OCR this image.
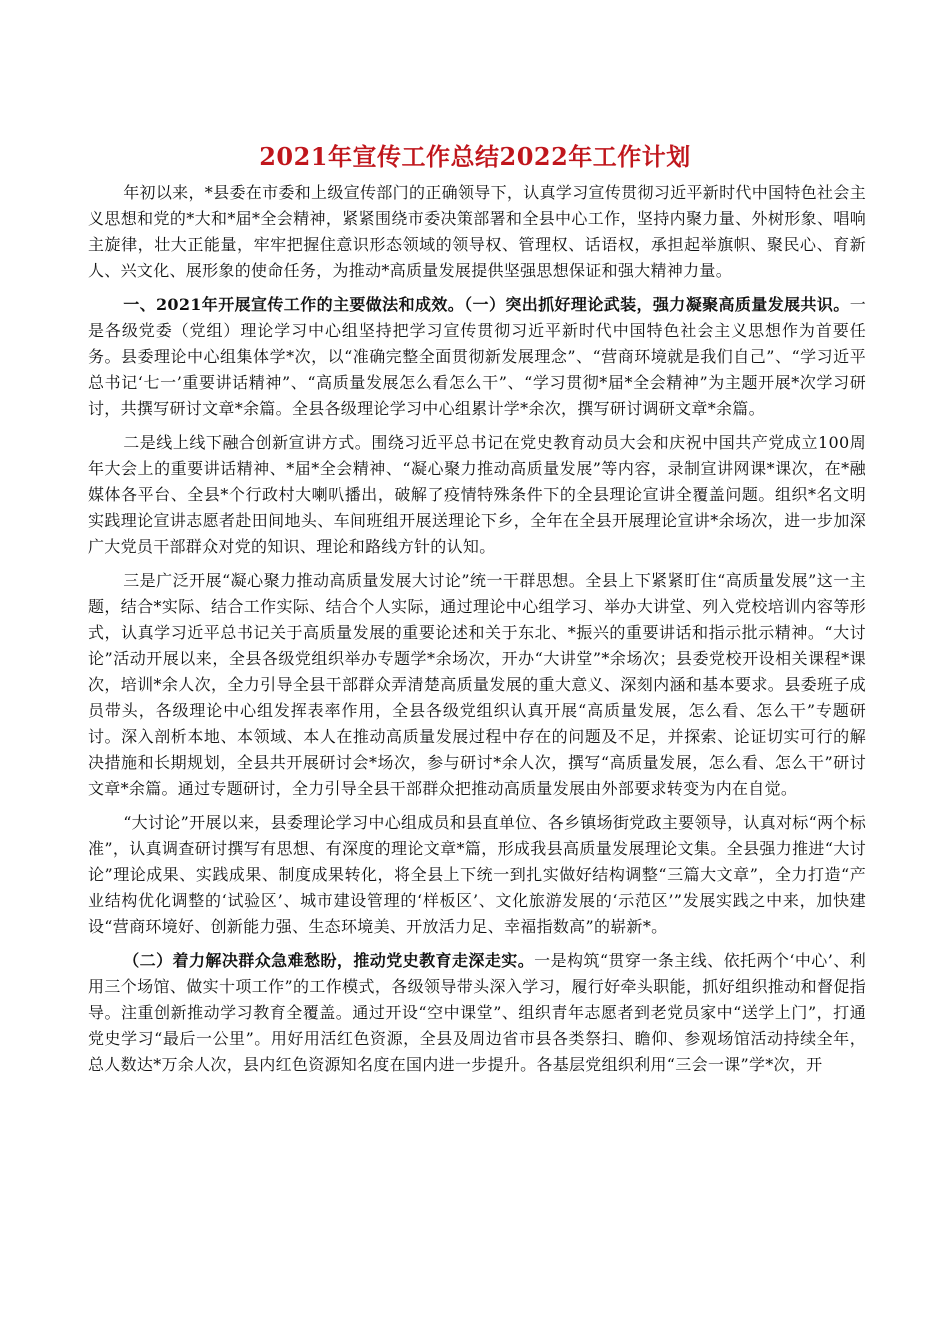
2021年宣传工作总结2022年工作计划

年初以来，*县委在市委和上级宣传部门的正确领导下，认真学习宣传贯彻习近平新时代中国特色社会主义思想和党的*大和*届*全会精神，紧紧围绕市委决策部署和全县中心工作，坚持内聚力量、外树形象、唱响主旋律，壮大正能量，牢牢把握住意识形态领域的领导权、管理权、话语权，承担起举旗帜、聚民心、育新人、兴文化、展形象的使命任务，为推动*高质量发展提供坚强思想保证和强大精神力量。

一、2021年开展宣传工作的主要做法和成效。（一）突出抓好理论武装，强力凝聚高质量发展共识。一是各级党委（党组）理论学习中心组坚持把学习宣传贯彻习近平新时代中国特色社会主义思想作为首要任务。县委理论中心组集体学*次，以“准确完整全面贯彻新发展理念”、“营商环境就是我们自己”、“学习近平总书记‘七一’重要讲话精神”、“高质量发展怎么看怎么干”、“学习贯彻*届*全会精神”为主题开展*次学习研讨，共撰写研讨文章*余篇。全县各级理论学习中心组累计学*余次，撰写研讨调研文章*余篇。

二是线上线下融合创新宣讲方式。围绕习近平总书记在党史教育动员大会和庆祝中国共产党成立100周年大会上的重要讲话精神、*届*全会精神、“凝心聚力推动高质量发展”等内容，录制宣讲网课*课次，在*融媒体各平台、全县*个行政村大喇叭播出，破解了疫情特殊条件下的全县理论宣讲全覆盖问题。组织*名文明实践理论宣讲志愿者赴田间地头、车间班组开展送理论下乡，全年在全县开展理论宣讲*余场次，进一步加深广大党员干部群众对党的知识、理论和路线方针的认知。

三是广泛开展“凝心聚力推动高质量发展大讨论”统一干群思想。全县上下紧紧盯住“高质量发展”这一主题，结合*实际、结合工作实际、结合个人实际，通过理论中心组学习、举办大讲堂、列入党校培训内容等形式，认真学习近平总书记关于高质量发展的重要论述和关于东北、*振兴的重要讲话和指示批示精神。“大讨论”活动开展以来，全县各级党组织举办专题学*余场次，开办“大讲堂”*余场次；县委党校开设相关课程*课次，培训*余人次，全力引导全县干部群众弄清楚高质量发展的重大意义、深刻内涵和基本要求。县委班子成员带头，各级理论中心组发挥表率作用，全县各级党组织认真开展“高质量发展，怎么看、怎么干”专题研讨。深入剖析本地、本领域、本人在推动高质量发展过程中存在的问题及不足，并探索、论证切实可行的解决措施和长期规划，全县共开展研讨会*场次，参与研讨*余人次，撰写“高质量发展，怎么看、怎么干”研讨文章*余篇。通过专题研讨，全力引导全县干部群众把推动高质量发展由外部要求转变为内在自觉。

“大讨论”开展以来，县委理论学习中心组成员和县直单位、各乡镇场街党政主要领导，认真对标“两个标准”，认真调查研讨撰写有思想、有深度的理论文章*篇，形成我县高质量发展理论文集。全县强力推进“大讨论”理论成果、实践成果、制度成果转化，将全县上下统一到扎实做好结构调整“三篇大文章”，全力打造“产业结构优化调整的‘试验区’、城市建设管理的‘样板区’、文化旅游发展的‘示范区’”发展实践之中来，加快建设“营商环境好、创新能力强、生态环境美、开放活力足、幸福指数高”的崭新*。

（二）着力解决群众急难愁盼，推动党史教育走深走实。一是构筑“贯穿一条主线、依托两个‘中心’、利用三个场馆、做实十项工作”的工作模式，各级领导带头深入学习，履行好牵头职能，抓好组织推动和督促指导。注重创新推动学习教育全覆盖。通过开设“空中课堂”、组织青年志愿者到老党员家中“送学上门”，打通党史学习“最后一公里”。用好用活红色资源，全县及周边省市县各类祭扫、瞻仰、参观场馆活动持续全年，总人数达*万余人次，县内红色资源知名度在国内进一步提升。各基层党组织利用“三会一课”学*次，开
